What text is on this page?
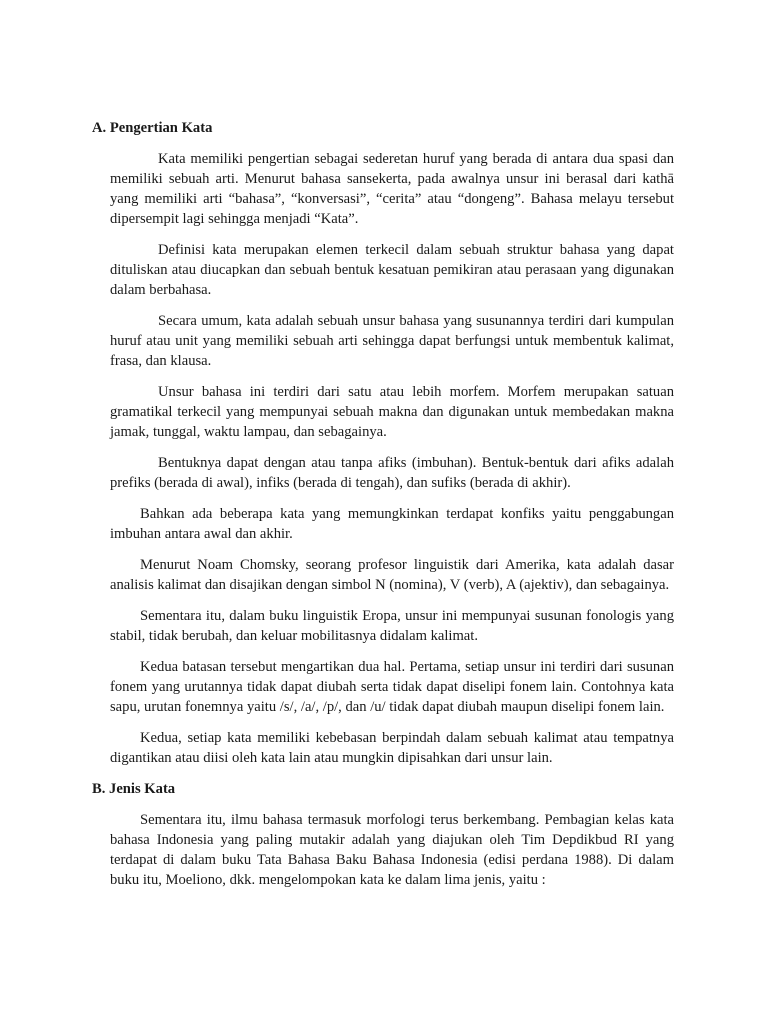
A. Pengertian Kata

Kata memiliki pengertian sebagai sederetan huruf yang berada di antara dua spasi dan memiliki sebuah arti. Menurut bahasa sansekerta, pada awalnya unsur ini berasal dari kathā yang memiliki arti “bahasa”, “konversasi”, “cerita” atau “dongeng”. Bahasa melayu tersebut dipersempit lagi sehingga menjadi “Kata”.

Definisi kata merupakan elemen terkecil dalam sebuah struktur bahasa yang dapat dituliskan atau diucapkan dan sebuah bentuk kesatuan pemikiran atau perasaan yang digunakan dalam berbahasa.

Secara umum, kata adalah sebuah unsur bahasa yang susunannya terdiri dari kumpulan huruf atau unit yang memiliki sebuah arti sehingga dapat berfungsi untuk membentuk kalimat, frasa, dan klausa.

Unsur bahasa ini terdiri dari satu atau lebih morfem. Morfem merupakan satuan gramatikal terkecil yang mempunyai sebuah makna dan digunakan untuk membedakan makna jamak, tunggal, waktu lampau, dan sebagainya.

Bentuknya dapat dengan atau tanpa afiks (imbuhan). Bentuk-bentuk dari afiks adalah prefiks (berada di awal), infiks (berada di tengah), dan sufiks (berada di akhir).

Bahkan ada beberapa kata yang memungkinkan terdapat konfiks yaitu penggabungan imbuhan antara awal dan akhir.

Menurut Noam Chomsky, seorang profesor linguistik dari Amerika, kata adalah dasar analisis kalimat dan disajikan dengan simbol N (nomina), V (verb), A (ajektiv), dan sebagainya.

Sementara itu, dalam buku linguistik Eropa, unsur ini mempunyai susunan fonologis yang stabil, tidak berubah, dan keluar mobilitasnya didalam kalimat.

Kedua batasan tersebut mengartikan dua hal. Pertama, setiap unsur ini terdiri dari susunan fonem yang urutannya tidak dapat diubah serta tidak dapat diselipi fonem lain. Contohnya kata sapu, urutan fonemnya yaitu /s/, /a/, /p/, dan /u/ tidak dapat diubah maupun diselipi fonem lain.

Kedua, setiap kata memiliki kebebasan berpindah dalam sebuah kalimat atau tempatnya digantikan atau diisi oleh kata lain atau mungkin dipisahkan dari unsur lain.

B. Jenis Kata

Sementara itu, ilmu bahasa termasuk morfologi terus berkembang. Pembagian kelas kata bahasa Indonesia yang paling mutakir adalah yang diajukan oleh Tim Depdikbud RI yang terdapat di dalam buku Tata Bahasa Baku Bahasa Indonesia (edisi perdana 1988). Di dalam buku itu, Moeliono, dkk. mengelompokan kata ke dalam lima jenis, yaitu :
